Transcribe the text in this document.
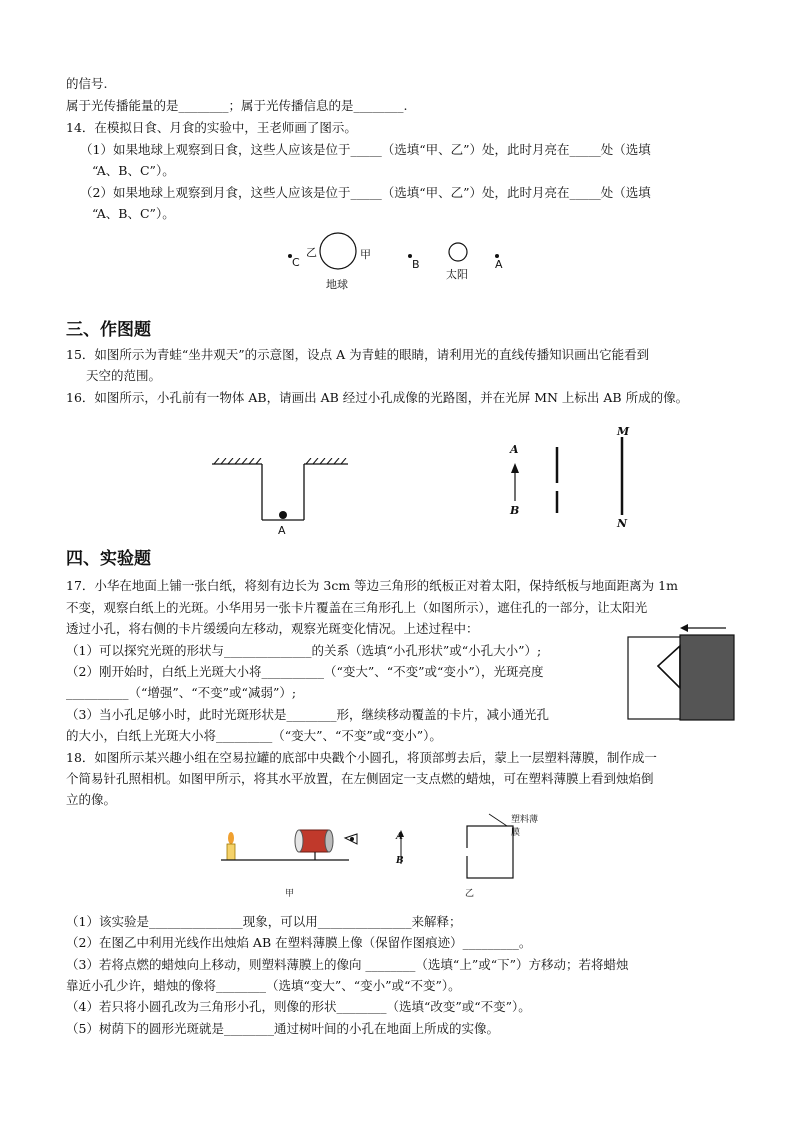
的信号.
属于光传播能量的是________；属于光传播信息的是________.
14．在模拟日食、月食的实验中，王老师画了图示。
（1）如果地球上观察到日食，这些人应该是位于_____（选填“甲、乙”）处，此时月亮在_____处（选填
“A、B、C”）。
（2）如果地球上观察到月食，这些人应该是位于_____（选填“甲、乙”）处，此时月亮在_____处（选填
“A、B、C”）。
C
乙	甲
地球
B
太阳
A
三、作图题
15．如图所示为青蛙“坐井观天”的示意图，设点 A 为青蛙的眼睛，请利用光的直线传播知识画出它能看到
天空的范围。
16．如图所示，小孔前有一物体 AB，请画出 AB 经过小孔成像的光路图，并在光屏 MN 上标出 AB 所成的像。
A
A
B
M
N
四、实验题
17．小华在地面上铺一张白纸，将刻有边长为 3cm 等边三角形的纸板正对着太阳，保持纸板与地面距离为 1m
不变，观察白纸上的光斑。小华用另一张卡片覆盖在三角形孔上（如图所示），遮住孔的一部分，让太阳光
透过小孔，将右侧的卡片缓缓向左移动，观察光斑变化情况。上述过程中：
（1）可以探究光斑的形状与______________的关系（选填“小孔形状”或“小孔大小”）;
（2）刚开始时，白纸上光斑大小将__________（“变大”、“不变”或“变小”），光斑亮度
__________（“增强”、“不变”或“减弱”）;
（3）当小孔足够小时，此时光斑形状是________形，继续移动覆盖的卡片，减小通光孔
的大小，白纸上光斑大小将_________（“变大”、“不变”或“变小”）。
18．如图所示某兴趣小组在空易拉罐的底部中央戳个小圆孔，将顶部剪去后，蒙上一层塑料薄膜，制作成一
个简易针孔照相机。如图甲所示，将其水平放置，在左侧固定一支点燃的蜡烛，可在塑料薄膜上看到烛焰倒
立的像。
A
B
塑料薄膜
甲	乙
（1）该实验是_______________现象，可以用_______________来解释；
（2）在图乙中利用光线作出烛焰 AB 在塑料薄膜上像（保留作图痕迹）_________。
（3）若将点燃的蜡烛向上移动，则塑料薄膜上的像向 ________（选填“上”或“下”）方移动；若将蜡烛
靠近小孔少许，蜡烛的像将________（选填“变大”、“变小”或“不变”）。
（4）若只将小圆孔改为三角形小孔，则像的形状________（选填“改变”或“不变”）。
（5）树荫下的圆形光斑就是________通过树叶间的小孔在地面上所成的实像。
